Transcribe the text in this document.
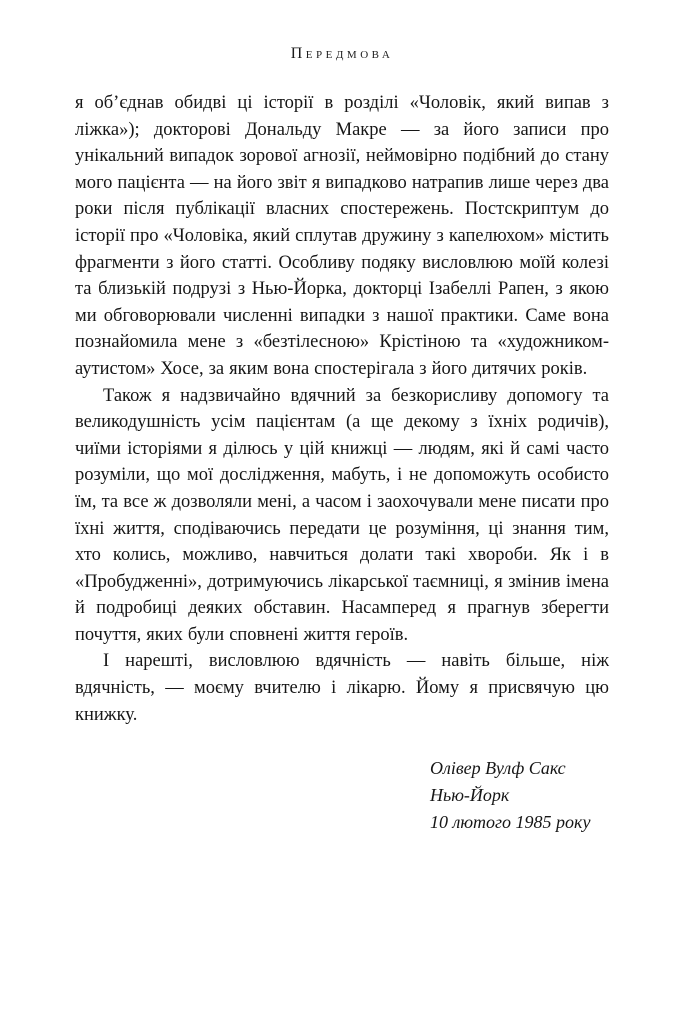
Передмова

я об’єднав обидві ці історії в розділі «Чоловік, який випав з ліжка»); докторові Дональду Макре — за його записи про унікальний випадок зорової агнозії, неймовірно подібний до стану мого пацієнта — на його звіт я випадково натрапив лише через два роки після публікації власних спостережень. Постскриптум до історії про «Чоловіка, який сплутав дружину з капелюхом» містить фрагменти з його статті. Особливу подяку висловлюю моїй колезі та близькій подрузі з Нью-Йорка, докторці Ізабеллі Рапен, з якою ми обговорювали численні випадки з нашої практики. Саме вона познайомила мене з «безтілесною» Крістіною та «художником-аутистом» Хосе, за яким вона спостерігала з його дитячих років.

Також я надзвичайно вдячний за безкорисливу допомогу та великодушність усім пацієнтам (а ще декому з їхніх родичів), чиїми історіями я ділюсь у цій книжці — людям, які й самі часто розуміли, що мої дослідження, мабуть, і не допоможуть особисто їм, та все ж дозволяли мені, а часом і заохочували мене писати про їхні життя, сподіваючись передати це розуміння, ці знання тим, хто колись, можливо, навчиться долати такі хвороби. Як і в «Пробудженні», дотримуючись лікарської таємниці, я змінив імена й подробиці деяких обставин. Насамперед я прагнув зберегти почуття, яких були сповнені життя героїв.

І нарешті, висловлюю вдячність — навіть більше, ніж вдячність, — моєму вчителю і лікарю. Йому я присвячую цю книжку.

Олівер Вулф Сакс
Нью-Йорк
10 лютого 1985 року
